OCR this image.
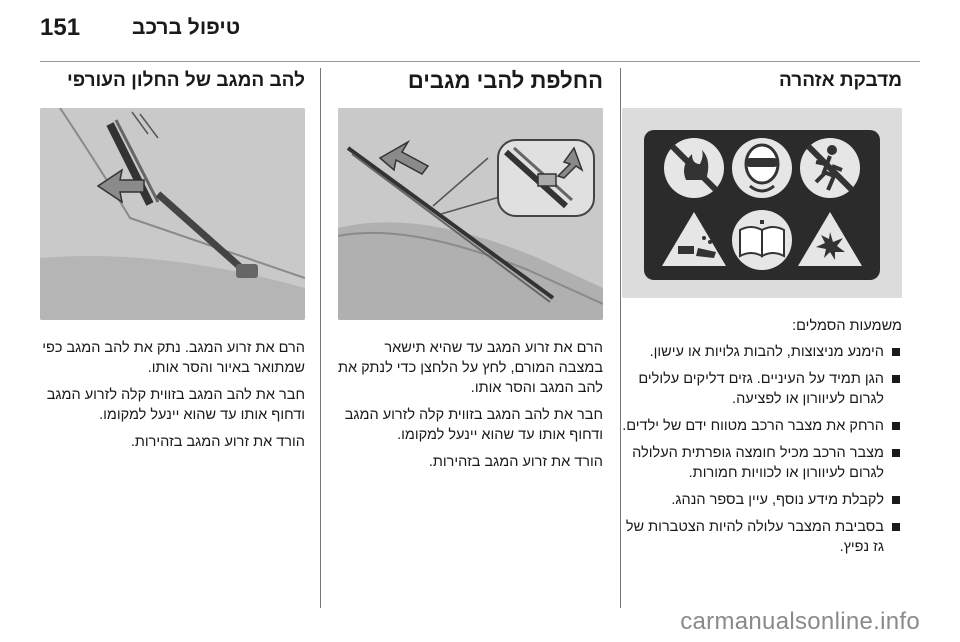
151 טיפול ברכב
מדבקת אזהרה

משמעות הסמלים:

הימנע מניצוצות, להבות גלויות או עישון.
הגן תמיד על העיניים. גזים דליקים עלולים לגרום לעיוורון או לפציעה.
הרחק את מצבר הרכב מטווח ידם של ילדים.
מצבר הרכב מכיל חומצה גופרתית העלולה לגרום לעיוורון או לכוויות חמורות.
לקבלת מידע נוסף, עיין בספר הנהג.
בסביבת המצבר עלולה להיות הצטברות של גז נפיץ.
החלפת להבי מגבים

הרם את זרוע המגב עד שהיא תישאר במצבה המורם, לחץ על הלחצן כדי לנתק את להב המגב והסר אותו.

חבר את להב המגב בזווית קלה לזרוע המגב ודחוף אותו עד שהוא יינעל למקומו.

הורד את זרוע המגב בזהירות.

להב המגב של החלון העורפי

הרם את זרוע המגב. נתק את להב המגב כפי שמתואר באיור והסר אותו.

חבר את להב המגב בזווית קלה לזרוע המגב ודחוף אותו עד שהוא יינעל למקומו.

הורד את זרוע המגב בזהירות.

carmanualsonline.info
